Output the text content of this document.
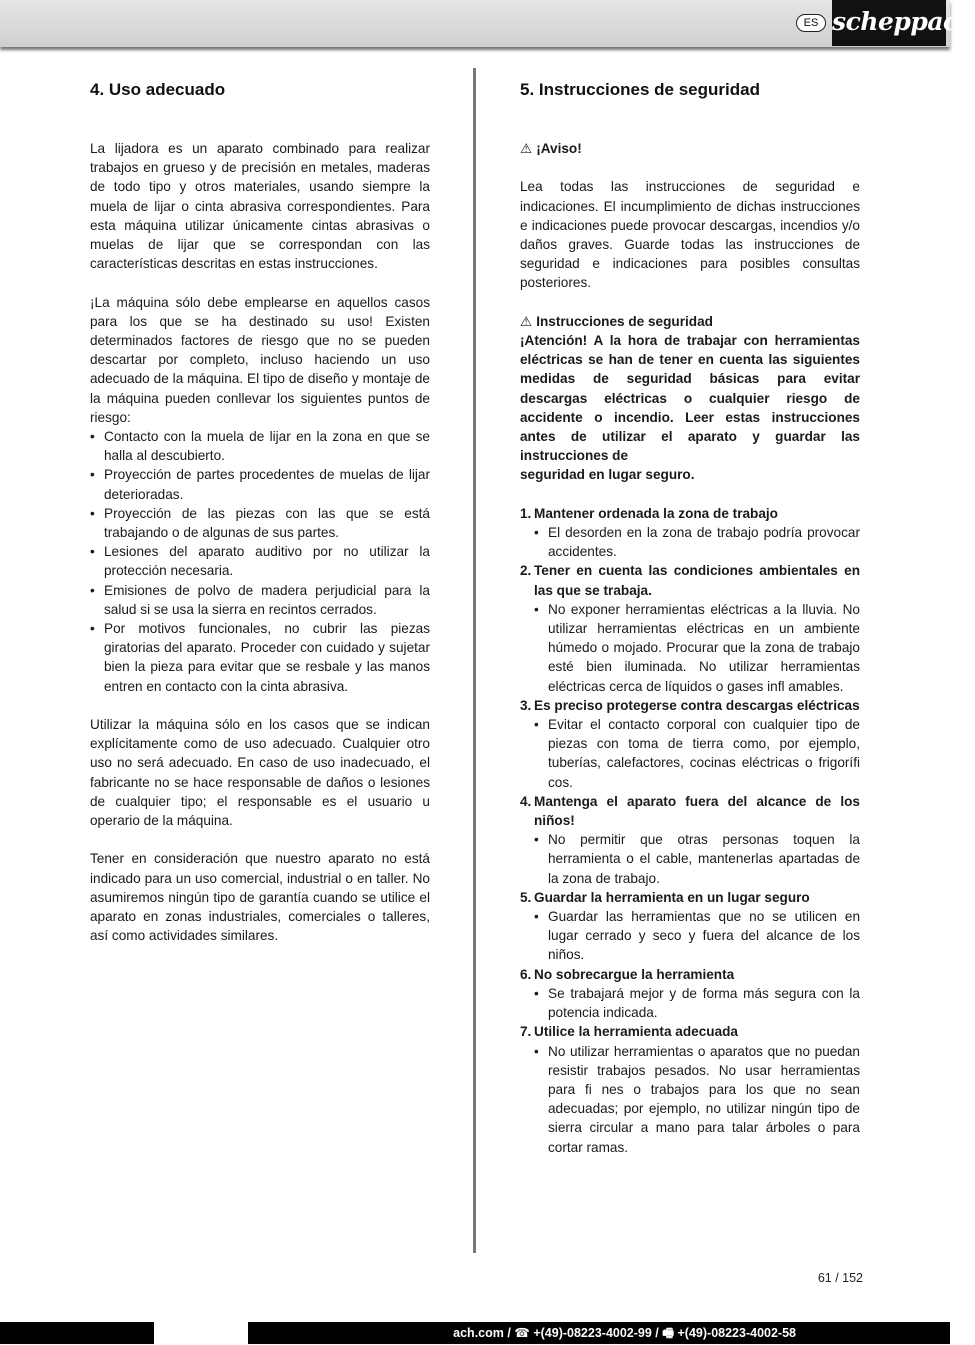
ES scheppach
4. Uso adecuado

La lijadora es un aparato combinado para realizar trabajos en grueso y de precisión en metales, maderas de todo tipo y otros materiales, usando siempre la muela de lijar o cinta abrasiva correspondientes. Para esta máquina utilizar únicamente cintas abrasivas o muelas de lijar que se correspondan con las características descritas en estas instrucciones.

¡La máquina sólo debe emplearse en aquellos casos para los que se ha destinado su uso! Existen determinados factores de riesgo que no se pueden descartar por completo, incluso haciendo un uso adecuado de la máquina. El tipo de diseño y montaje de la máquina pueden conllevar los siguientes puntos de riesgo:

• Contacto con la muela de lijar en la zona en que se halla al descubierto.
• Proyección de partes procedentes de muelas de lijar deterioradas.
• Proyección de las piezas con las que se está trabajando o de algunas de sus partes.
• Lesiones del aparato auditivo por no utilizar la protección necesaria.
• Emisiones de polvo de madera perjudicial para la salud si se usa la sierra en recintos cerrados.
• Por motivos funcionales, no cubrir las piezas giratorias del aparato. Proceder con cuidado y sujetar bien la pieza para evitar que se resbale y las manos entren en contacto con la cinta abrasiva.

Utilizar la máquina sólo en los casos que se indican explícitamente como de uso adecuado. Cualquier otro uso no será adecuado. En caso de uso inadecuado, el fabricante no se hace responsable de daños o lesiones de cualquier tipo; el responsable es el usuario u operario de la máquina.

Tener en consideración que nuestro aparato no está indicado para un uso comercial, industrial o en taller. No asumiremos ningún tipo de garantía cuando se utilice el aparato en zonas industriales, comerciales o talleres, así como actividades similares.

5. Instrucciones de seguridad
⚠ ¡Aviso!

Lea todas las instrucciones de seguridad e indicaciones. El incumplimiento de dichas instrucciones e indicaciones puede provocar descargas, incendios y/o daños graves. Guarde todas las instrucciones de seguridad e indicaciones para posibles consultas posteriores.

⚠ Instrucciones de seguridad

¡Atención! A la hora de trabajar con herramientas eléctricas se han de tener en cuenta las siguientes medidas de seguridad básicas para evitar descargas eléctricas o cualquier riesgo de accidente o incendio. Leer estas instrucciones antes de utilizar el aparato y guardar las instrucciones de

seguridad en lugar seguro.

1. Mantener ordenada la zona de trabajo
• El desorden en la zona de trabajo podría provocar accidentes.
2. Tener en cuenta las condiciones ambientales en las que se trabaja.
• No exponer herramientas eléctricas a la lluvia. No utilizar herramientas eléctricas en un ambiente húmedo o mojado. Procurar que la zona de trabajo esté bien iluminada. No utilizar herramientas eléctricas cerca de líquidos o gases infl amables.
3. Es preciso protegerse contra descargas eléctricas
• Evitar el contacto corporal con cualquier tipo de piezas con toma de tierra como, por ejemplo, tuberías, calefactores, cocinas eléctricas o frigorífi cos.
4. Mantenga el aparato fuera del alcance de los niños!
• No permitir que otras personas toquen la herramienta o el cable, mantenerlas apartadas de la zona de trabajo.
5. Guardar la herramienta en un lugar seguro
• Guardar las herramientas que no se utilicen en lugar cerrado y seco y fuera del alcance de los niños.
6. No sobrecargue la herramienta
• Se trabajará mejor y de forma más segura con la potencia indicada.
7. Utilice la herramienta adecuada
• No utilizar herramientas o aparatos que no puedan resistir trabajos pesados. No usar herramientas para fi nes o trabajos para los que no sean adecuadas; por ejemplo, no utilizar ningún tipo de sierra circular a mano para talar árboles o para cortar ramas.
61 / 152
ach.com / ☎ +(49)-08223-4002-99 / 🖷 +(49)-08223-4002-58
